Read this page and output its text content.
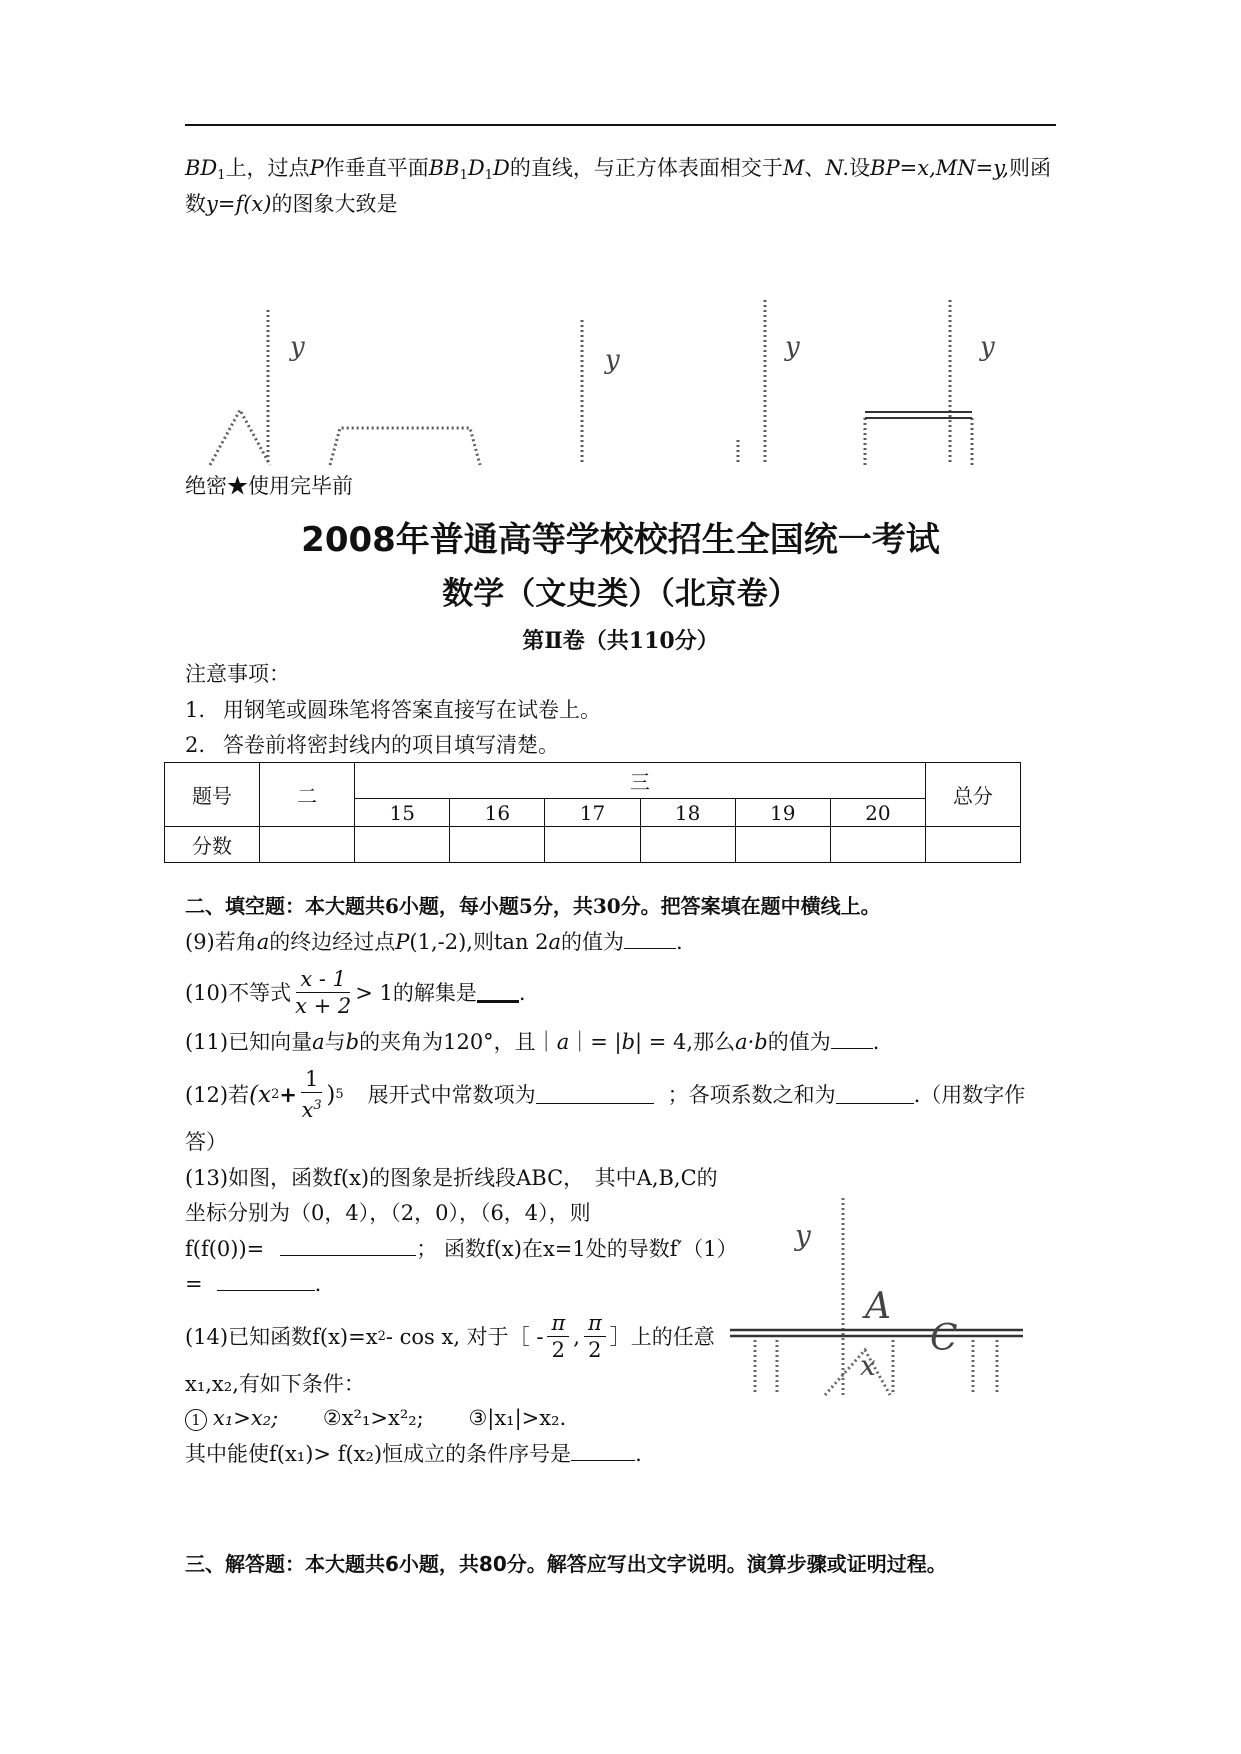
$BD_1$上，过点P作垂直平面$BB_1D_1D$的直线，与正方体表面相交于M、N.设BP=x,MN=y,则函
数y=f(x)的图象大致是
y	y	y	y
绝密★使用完毕前
2008年普通高等学校校招生全国统一考试
数学（文史类）（北京卷）
第Ⅱ卷（共110分）
注意事项：
1. 用钢笔或圆珠笔将答案直接写在试卷上。
2. 答卷前将密封线内的项目填写清楚。
题号	二	三						总分
		15	16	17	18	19	20	
分数								
二、填空题：本大题共6小题，每小题5分，共30分。把答案填在题中横线上。
(9)若角a的终边经过点P(1,-2),则tan 2a的值为 .
(10)不等式 $\frac{x - 1}{x + 2} > 1$ 的解集是 .
(11)已知向量a与b的夹角为120°，且｜a｜= |b| = 4,那么a·b的值为 .
(12)若 (x $2 + \frac{1}{x^3}$ ) 5 展开式中常数项为	；各项系数之和为	.（用数字作
答）
(13)如图，函数f(x)的图象是折线段ABC，　其中A,B,C的
坐标分别为（0，4），（2，0），（6，4），则
f(f(0))=	； 函数f(x)在x=1处的导数f′（1）
=	.
y
x
A
C
(14)已知函数f(x)=x 2 - cos x, 对于［ - $\frac{\pi}{2}$ , $\frac{\pi}{2}$ ］上的任意
x₁,x₂,有如下条件：
1 x₁>x₂; ②x²₁>x²₂; ③|x₁|>x₂.
其中能使f(x₁)> f(x₂)恒成立的条件序号是	.
三、解答题：本大题共6小题，共80分。解答应写出文字说明。演算步骤或证明过程。
